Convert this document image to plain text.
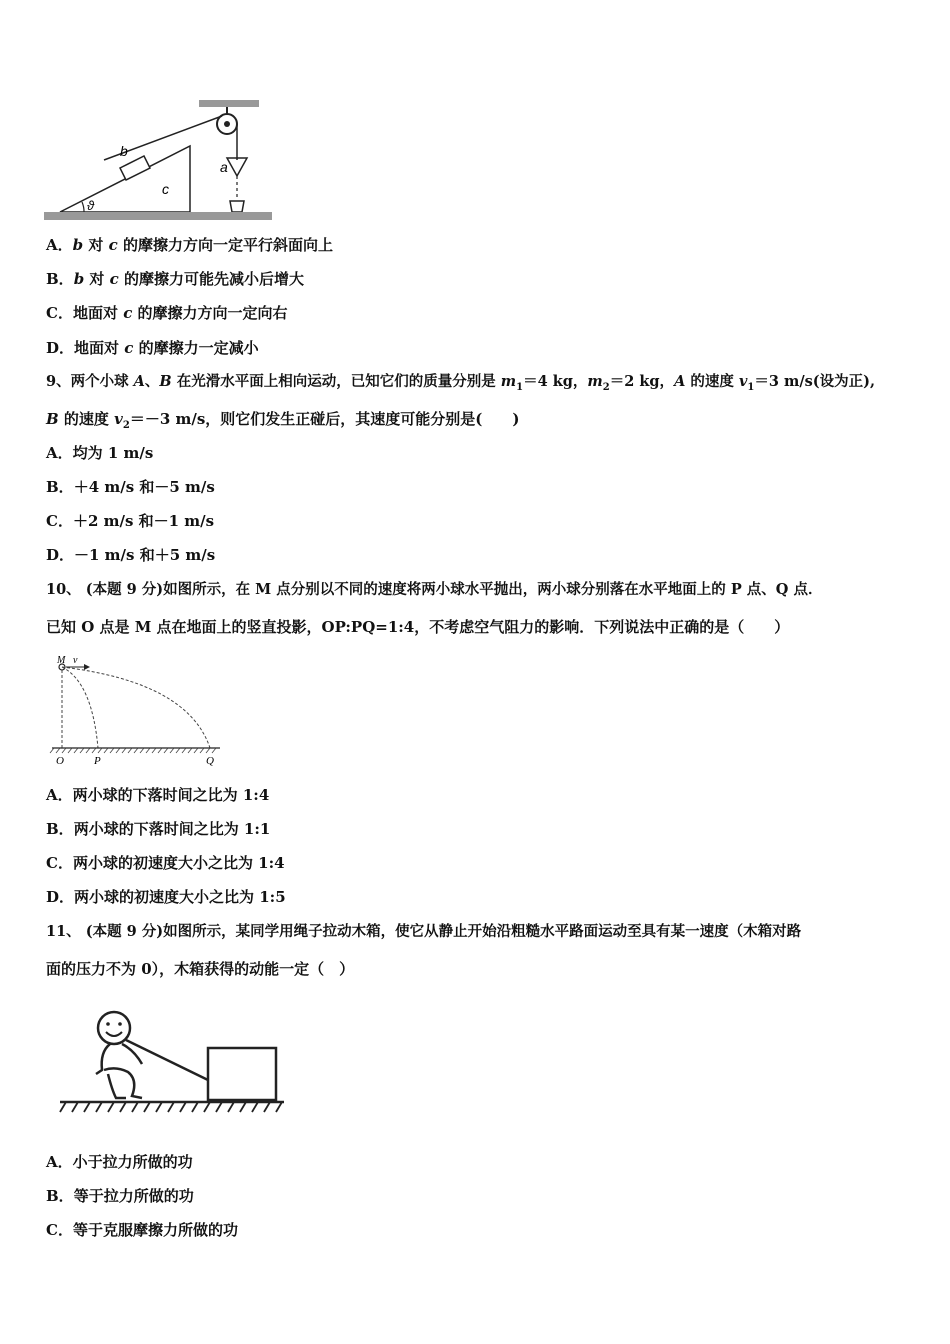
b
c
a
ϑ
A．b 对 c 的摩擦力方向一定平行斜面向上
B．b 对 c 的摩擦力可能先减小后增大
C．地面对 c 的摩擦力方向一定向右
D．地面对 c 的摩擦力一定减小
9、两个小球 A、B 在光滑水平面上相向运动，已知它们的质量分别是 $m_1=4$ kg，$m_2=2$ kg，A 的速度 $v_1=3$ m/s(设为正),
B 的速度 $v_2=-3$ m/s，则它们发生正碰后，其速度可能分别是(　　)
A．均为 1 m/s
B．＋4 m/s 和－5 m/s
C．＋2 m/s 和－1 m/s
D．－1 m/s 和＋5 m/s
10、 (本题 9 分)如图所示，在 M 点分别以不同的速度将两小球水平抛出，两小球分别落在水平地面上的 P 点、Q 点．
已知 O 点是 M 点在地面上的竖直投影，OP:PQ=1:4，不考虑空气阻力的影响．下列说法中正确的是（　　）
M v
O	P	Q
A．两小球的下落时间之比为 1:4
B．两小球的下落时间之比为 1:1
C．两小球的初速度大小之比为 1:4
D．两小球的初速度大小之比为 1:5
11、 (本题 9 分)如图所示，某同学用绳子拉动木箱，使它从静止开始沿粗糙水平路面运动至具有某一速度（木箱对路
面的压力不为 0），木箱获得的动能一定（　）
A．小于拉力所做的功
B．等于拉力所做的功
C．等于克服摩擦力所做的功
